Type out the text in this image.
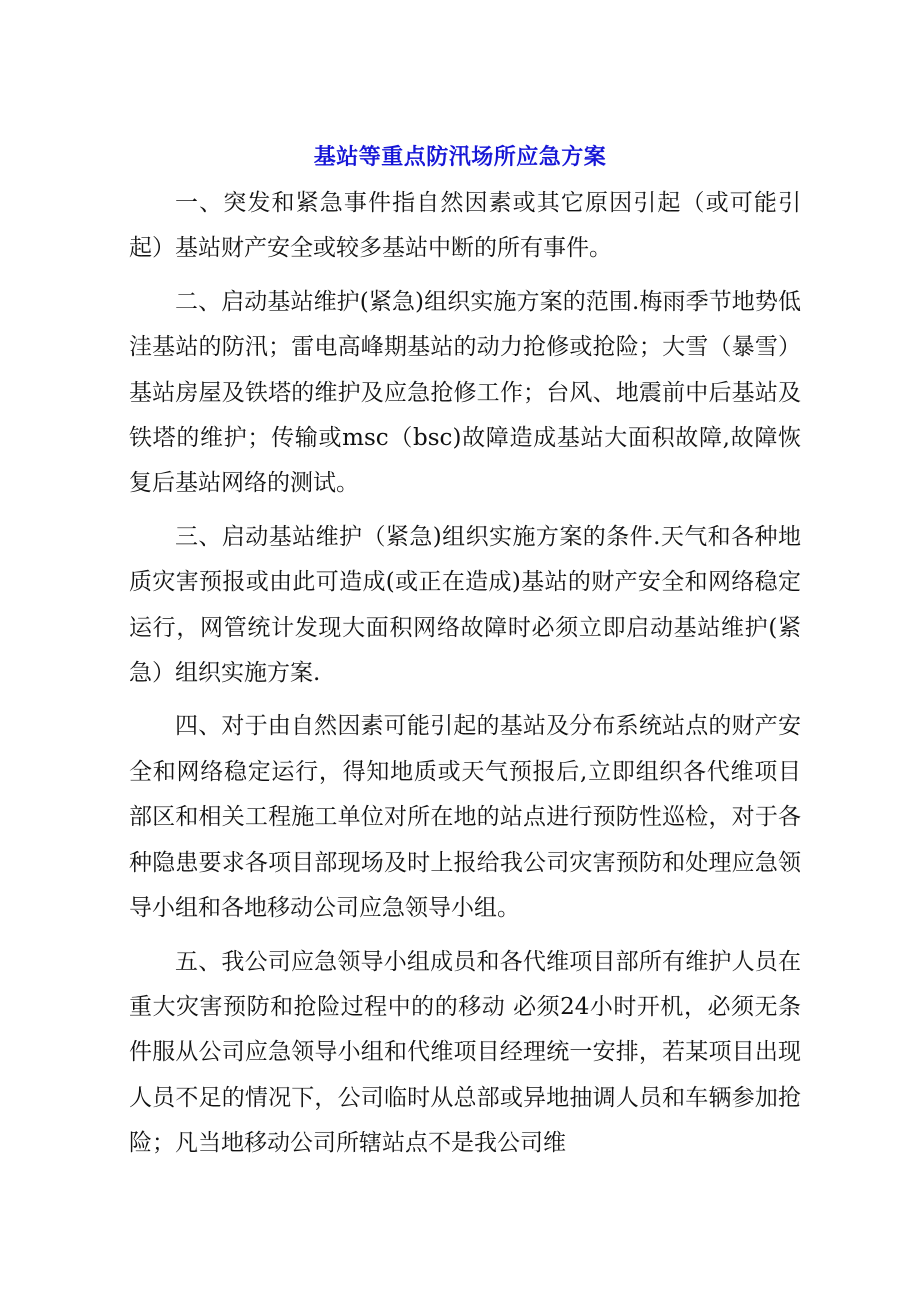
基站等重点防汛场所应急方案

一、突发和紧急事件指自然因素或其它原因引起（或可能引起）基站财产安全或较多基站中断的所有事件。

二、启动基站维护(紧急)组织实施方案的范围.梅雨季节地势低洼基站的防汛；雷电高峰期基站的动力抢修或抢险；大雪（暴雪）基站房屋及铁塔的维护及应急抢修工作；台风、地震前中后基站及铁塔的维护；传输或msc（bsc)故障造成基站大面积故障,故障恢复后基站网络的测试。

三、启动基站维护（紧急)组织实施方案的条件.天气和各种地质灾害预报或由此可造成(或正在造成)基站的财产安全和网络稳定运行，网管统计发现大面积网络故障时必须立即启动基站维护(紧急）组织实施方案.

四、对于由自然因素可能引起的基站及分布系统站点的财产安全和网络稳定运行，得知地质或天气预报后,立即组织各代维项目部区和相关工程施工单位对所在地的站点进行预防性巡检，对于各种隐患要求各项目部现场及时上报给我公司灾害预防和处理应急领导小组和各地移动公司应急领导小组。

五、我公司应急领导小组成员和各代维项目部所有维护人员在重大灾害预防和抢险过程中的的移动 必须24小时开机，必须无条件服从公司应急领导小组和代维项目经理统一安排，若某项目出现人员不足的情况下，公司临时从总部或异地抽调人员和车辆参加抢险；凡当地移动公司所辖站点不是我公司维
